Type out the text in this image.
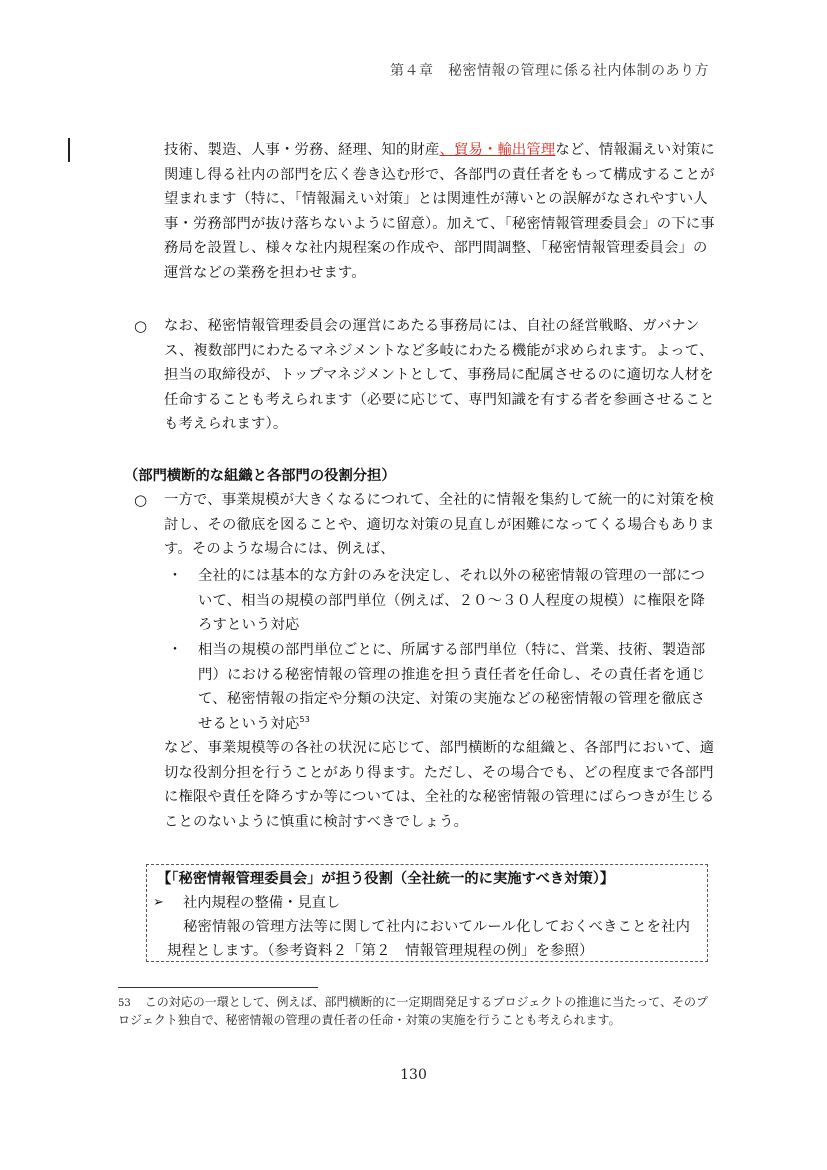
第４章　秘密情報の管理に係る社内体制のあり方
技術、製造、人事・労務、経理、知的財産、貿易・輸出管理など、情報漏えい対策に関連し得る社内の部門を広く巻き込む形で、各部門の責任者をもって構成することが望まれます（特に、「情報漏えい対策」とは関連性が薄いとの誤解がなされやすい人事・労務部門が抜け落ちないように留意）。加えて、「秘密情報管理委員会」の下に事務局を設置し、様々な社内規程案の作成や、部門間調整、「秘密情報管理委員会」の運営などの業務を担わせます。
○ なお、秘密情報管理委員会の運営にあたる事務局には、自社の経営戦略、ガバナンス、複数部門にわたるマネジメントなど多岐にわたる機能が求められます。よって、担当の取締役が、トップマネジメントとして、事務局に配属させるのに適切な人材を任命することも考えられます（必要に応じて、専門知識を有する者を参画させることも考えられます）。
（部門横断的な組織と各部門の役割分担）
○ 一方で、事業規模が大きくなるにつれて、全社的に情報を集約して統一的に対策を検討し、その徹底を図ることや、適切な対策の見直しが困難になってくる場合もあります。そのような場合には、例えば、
・ 全社的には基本的な方針のみを決定し、それ以外の秘密情報の管理の一部について、相当の規模の部門単位（例えば、２０～３０人程度の規模）に権限を降ろすという対応
・ 相当の規模の部門単位ごとに、所属する部門単位（特に、営業、技術、製造部門）における秘密情報の管理の推進を担う責任者を任命し、その責任者を通じて、秘密情報の指定や分類の決定、対策の実施などの秘密情報の管理を徹底させるという対応$^{53}$
など、事業規模等の各社の状況に応じて、部門横断的な組織と、各部門において、適切な役割分担を行うことがあり得ます。ただし、その場合でも、どの程度まで各部門に権限や責任を降ろすか等については、全社的な秘密情報の管理にばらつきが生じることのないように慎重に検討すべきでしょう。
【「秘密情報管理委員会」が担う役割（全社統一的に実施すべき対策）】
➢ 社内規程の整備・見直し
秘密情報の管理方法等に関して社内においてルール化しておくべきことを社内規程とします。（参考資料２「第２　情報管理規程の例」を参照）
53 この対応の一環として、例えば、部門横断的に一定期間発足するプロジェクトの推進に当たって、そのプロジェクト独自で、秘密情報の管理の責任者の任命・対策の実施を行うことも考えられます。
130
